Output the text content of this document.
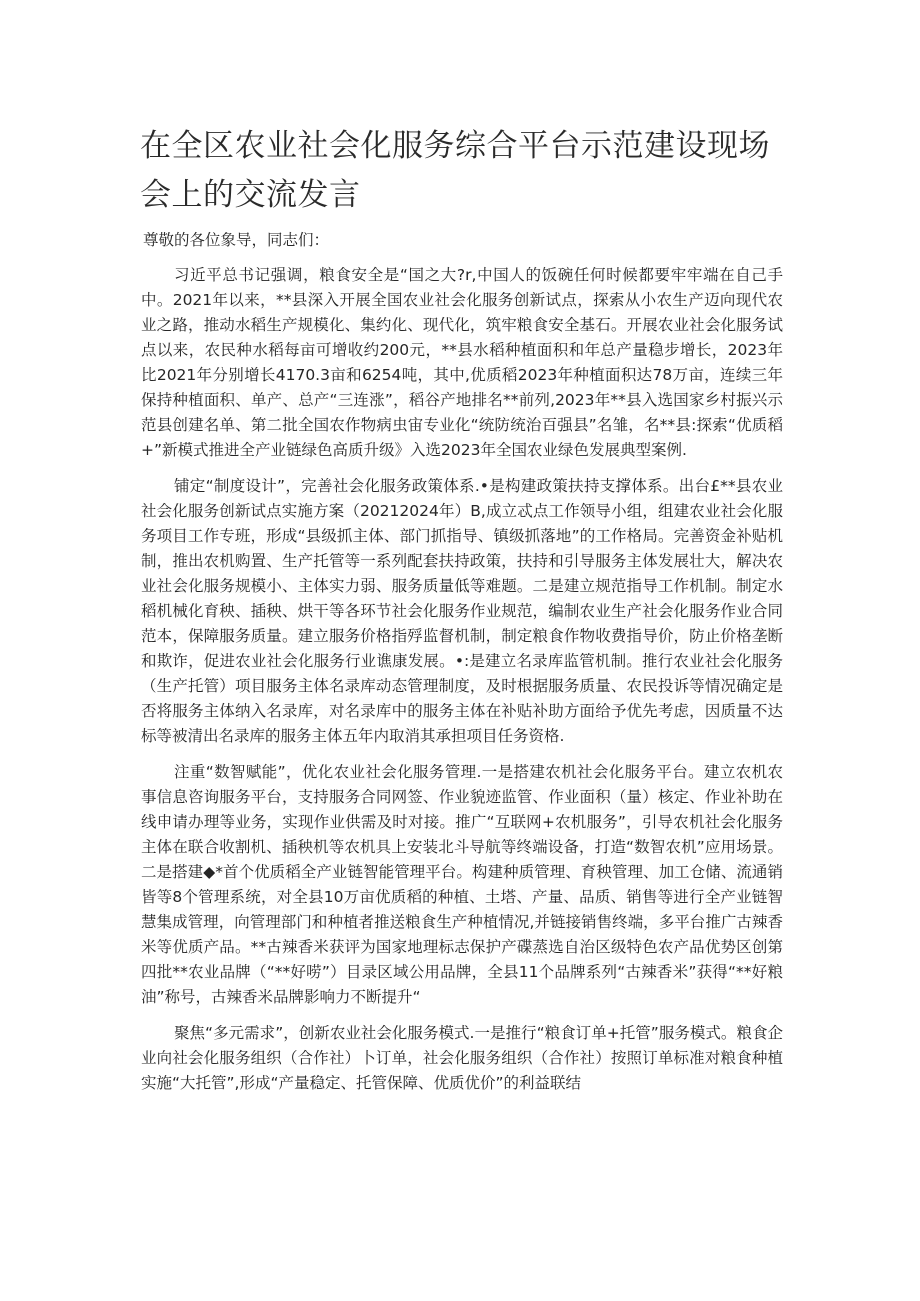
在全区农业社会化服务综合平台示范建设现场会上的交流发言

尊敬的各位象导，同志们：

习近平总书记强调，粮食安全是“国之大?r,中国人的饭碗任何时候都要牢牢端在自己手中。2021年以来，**县深入开展全国农业社会化服务创新试点，探索从小农生产迈向现代农业之路，推动水稻生产规模化、集约化、现代化，筑牢粮食安全基石。开展农业社会化服务试点以来，农民种水稻每亩可增收约200元，**县水稻种植面积和年总产量稳步增长，2023年比2021年分别增长4170.3亩和6254吨，其中,优质稻2023年种植面积达78万亩，连续三年保持种植面积、单产、总产“三连涨”，稻谷产地排名**前列,2023年**县入选国家乡村振兴示范县创建名单、第二批全国农作物病虫宙专业化“统防统治百强县”名雏，名**县:探索“优质稻+”新模式推进全产业链绿色高质升级》入选2023年全国农业绿色发展典型案例.

铺定“制度设计”，完善社会化服务政策体系.•是构建政策扶持支撑体系。出台£**县农业社会化服务创新试点实施方案（20212024年）B,成立忒点工作领导小组，组建农业社会化服务项目工作专班，形成“县级抓主体、部门抓指导、镇级抓落地”的工作格局。完善资金补贴机制，推出农机购置、生产托管等一系列配套扶持政策，扶持和引导服务主体发展壮大，解决农业社会化服务规模小、主体实力弱、服务质量低等难题。二是建立规范指导工作机制。制定水稻机械化育秧、插秧、烘干等各环节社会化服务作业规范，编制农业生产社会化服务作业合同范本，保障服务质量。建立服务价格指殍监督机制，制定粮食作物收费指导价，防止价格垄断和欺诈，促进农业社会化服务行业谯康发展。•:是建立名录库监管机制。推行农业社会化服务（生产托管）项目服务主体名录库动态管理制度，及时根据服务质量、农民投诉等情况确定是否将服务主体纳入名录库，对名录库中的服务主体在补贴补助方面给予优先考虑，因质量不达标等被清出名录库的服务主体五年内取消其承担项目任务资格.

注重“数智赋能”，优化农业社会化服务管理.一是搭建农机社会化服务平台。建立农机农事信息咨询服务平台，支持服务合同网签、作业貌迹监管、作业面积（量）核定、作业补助在线申请办理等业务，实现作业供需及时对接。推广“互联网+农机服务”，引导农机社会化服务主体在联合收割机、插秧机等农机具上安装北斗导航等终端设备，打造“数智农机”应用场景。二是搭建◆*首个优质稻全产业链智能管理平台。构建种质管理、育秧管理、加工仓储、流通销皆等8个管理系统，对全县10万亩优质稻的种植、土塔、产量、品质、销售等进行全产业链智慧集成管理，向管理部门和种植者推送粮食生产种植情况,并链接销售终端，多平台推广古辣香米等优质产品。**古辣香米获评为国家地理标志保护产碟蒸选自治区级特色农产品优势区创第四批**农业品牌（“**好唠”）目录区域公用品牌，全县11个品牌系列“古辣香米”获得“**好粮油”称号，古辣香米品牌影响力不断提升“

聚焦“多元需求”，创新农业社会化服务模式.一是推行“粮食订单+托管”服务模式。粮食企业向社会化服务组织（合作社）卜订单，社会化服务组织（合作社）按照订单标准对粮食种植实施“大托管”,形成“产量稳定、托管保障、优质优价”的利益联结
